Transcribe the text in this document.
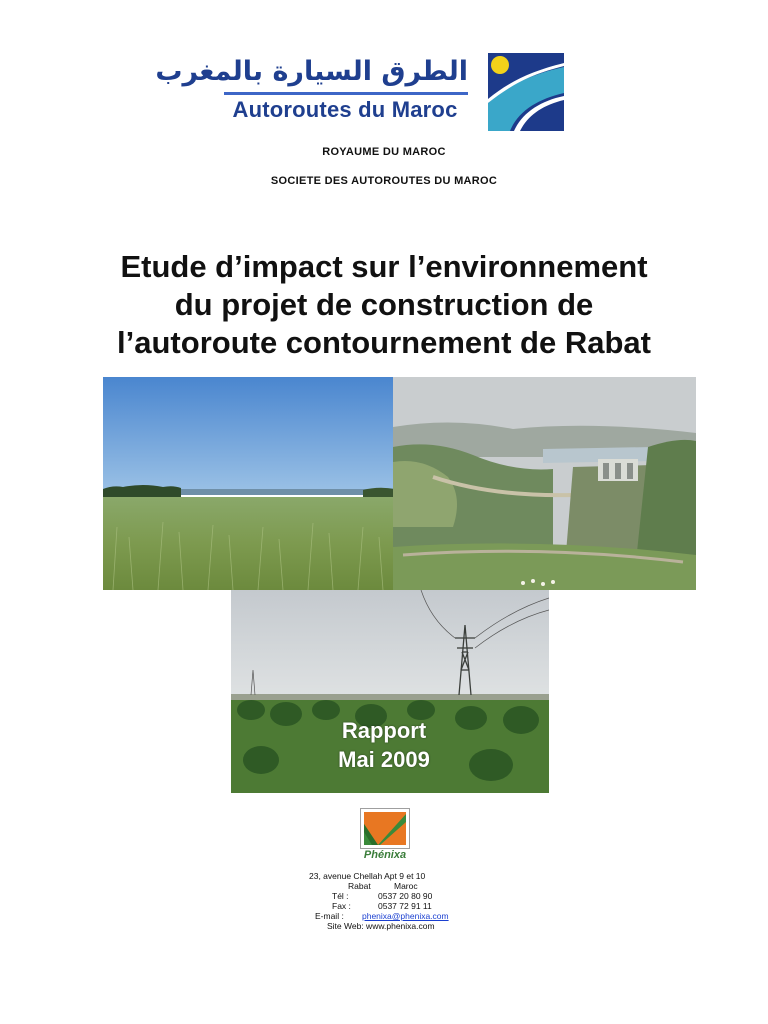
الطرق السيارة بالمغرب
Autoroutes du Maroc
ROYAUME DU MAROC
SOCIETE DES AUTOROUTES DU MAROC
Etude d’impact sur l’environnement
du projet de construction de
l’autoroute contournement de Rabat
Rapport
Mai 2009
Phénixa
23, avenue Chellah Apt 9 et 10
Rabat	Maroc
Tél :	0537 20 80 90
Fax :	0537 72 91 11
E-mail : phenixa@phenixa.com
Site Web: www.phenixa.com
